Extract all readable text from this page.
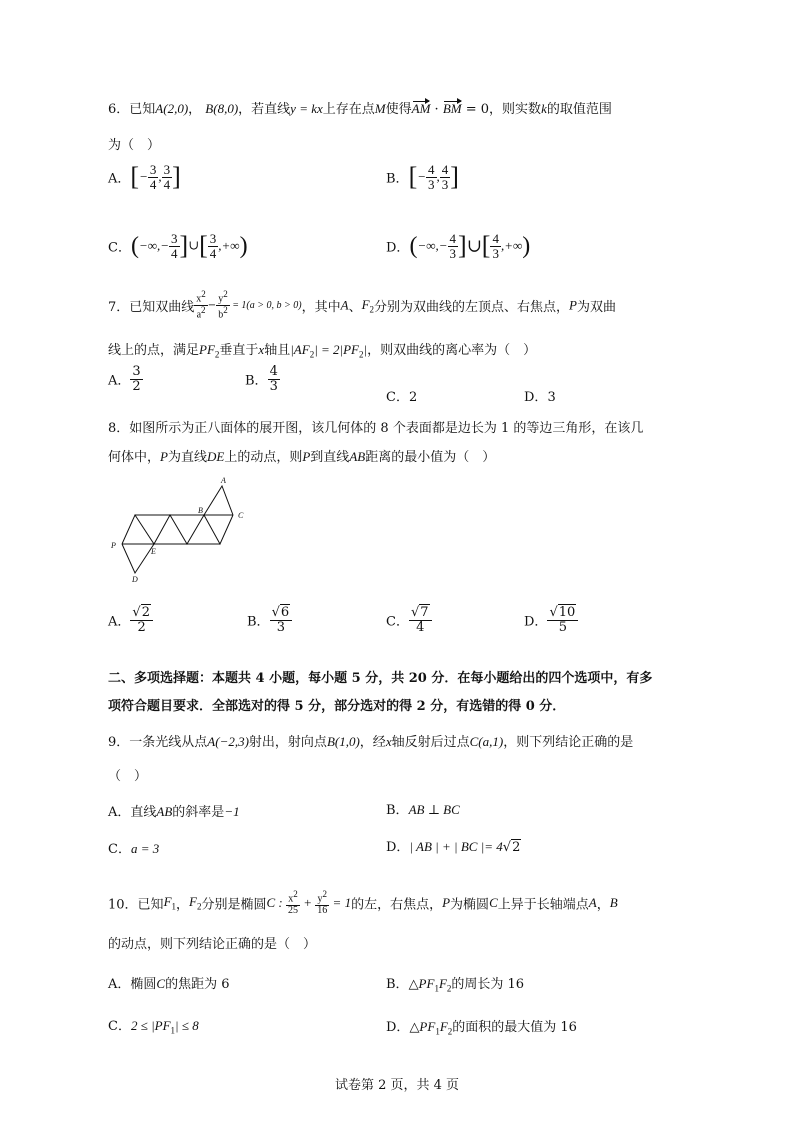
6．已知A(2,0)， B(8,0)，若直线y = kx上存在点M使得AM · BM = 0，则实数k的取值范围
为（　）
A．[− $\frac{3}{4}$ , $\frac{3}{4}$ ]	B．[− $\frac{4}{3}$ , $\frac{4}{3}$ ]
C．(−∞,− $\frac{3}{4}$ ]∪[ $\frac{3}{4}$ ,+∞)	D．(−∞,− $\frac{4}{3}$ ]∪[ $\frac{4}{3}$ ,+∞)
7．已知双曲线 $\frac{x^2}{a^2} - \frac{y^2}{b^2} = 1(a > 0$, b > 0)，其中A、$F_2$分别为双曲线的左顶点、右焦点，P为双曲
线上的点，满足$PF_2$垂直于x轴且$|AF_2| = 2|PF_2|$，则双曲线的离心率为（　）
A． $\frac{3}{2}$	B． $\frac{4}{3}$
C．2	D．3
8．如图所示为正八面体的展开图，该几何体的 8 个表面都是边长为 1 的等边三角形，在该几
何体中，P为直线DE上的动点，则P到直线AB距离的最小值为（　）
A
B
C
P
E
D
A． $\frac{√2}{2}$	B． $\frac{√6}{3}$	C． $\frac{√7}{4}$	D． $\frac{√10}{5}$
二、多项选择题：本题共 4 小题，每小题 5 分，共 20 分．在每小题给出的四个选项中，有多
项符合题目要求．全部选对的得 5 分，部分选对的得 2 分，有选错的得 0 分．
9．一条光线从点A(−2,3)射出，射向点B(1,0)，经x轴反射后过点C(a,1)，则下列结论正确的是
（　）
A．直线AB的斜率是−1	B．AB ⊥ BC
C．a = 3	D．| AB | + | BC |= 4√2
10．已知$F_1$，$F_2$分别是椭圆C : $\frac{x^2}{25} + \frac{y^2}{16} = 1$的左，右焦点，P为椭圆C上异于长轴端点A，B
的动点，则下列结论正确的是（　）
A．椭圆C的焦距为 6	B．$\triangle PF_1F_2$的周长为 16
C．$2 \le |PF_1| \le 8$	D．$\triangle PF_1F_2$的面积的最大值为 16
试卷第 2 页，共 4 页
